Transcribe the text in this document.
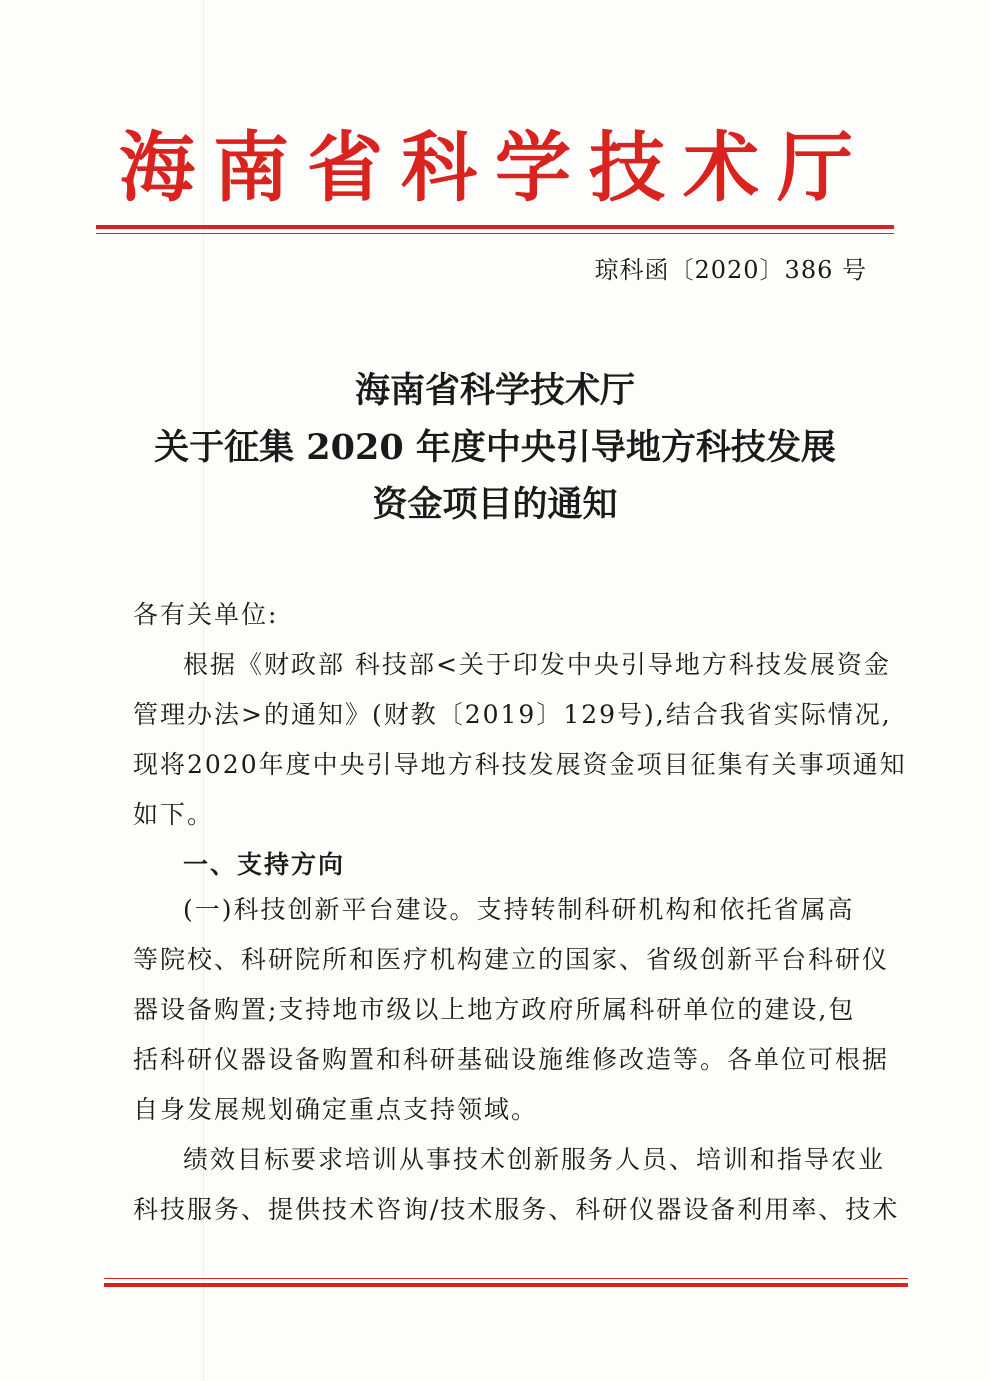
海南省科学技术厅
琼科函〔2020〕386 号
海南省科学技术厅
关于征集 2020 年度中央引导地方科技发展
资金项目的通知
各有关单位:
根据《财政部 科技部<关于印发中央引导地方科技发展资金
管理办法>的通知》(财教〔2019〕129号),结合我省实际情况,
现将2020年度中央引导地方科技发展资金项目征集有关事项通知
如下。
一、支持方向
(一)科技创新平台建设。支持转制科研机构和依托省属高
等院校、科研院所和医疗机构建立的国家、省级创新平台科研仪
器设备购置;支持地市级以上地方政府所属科研单位的建设,包
括科研仪器设备购置和科研基础设施维修改造等。各单位可根据
自身发展规划确定重点支持领域。
绩效目标要求培训从事技术创新服务人员、培训和指导农业
科技服务、提供技术咨询/技术服务、科研仪器设备利用率、技术
